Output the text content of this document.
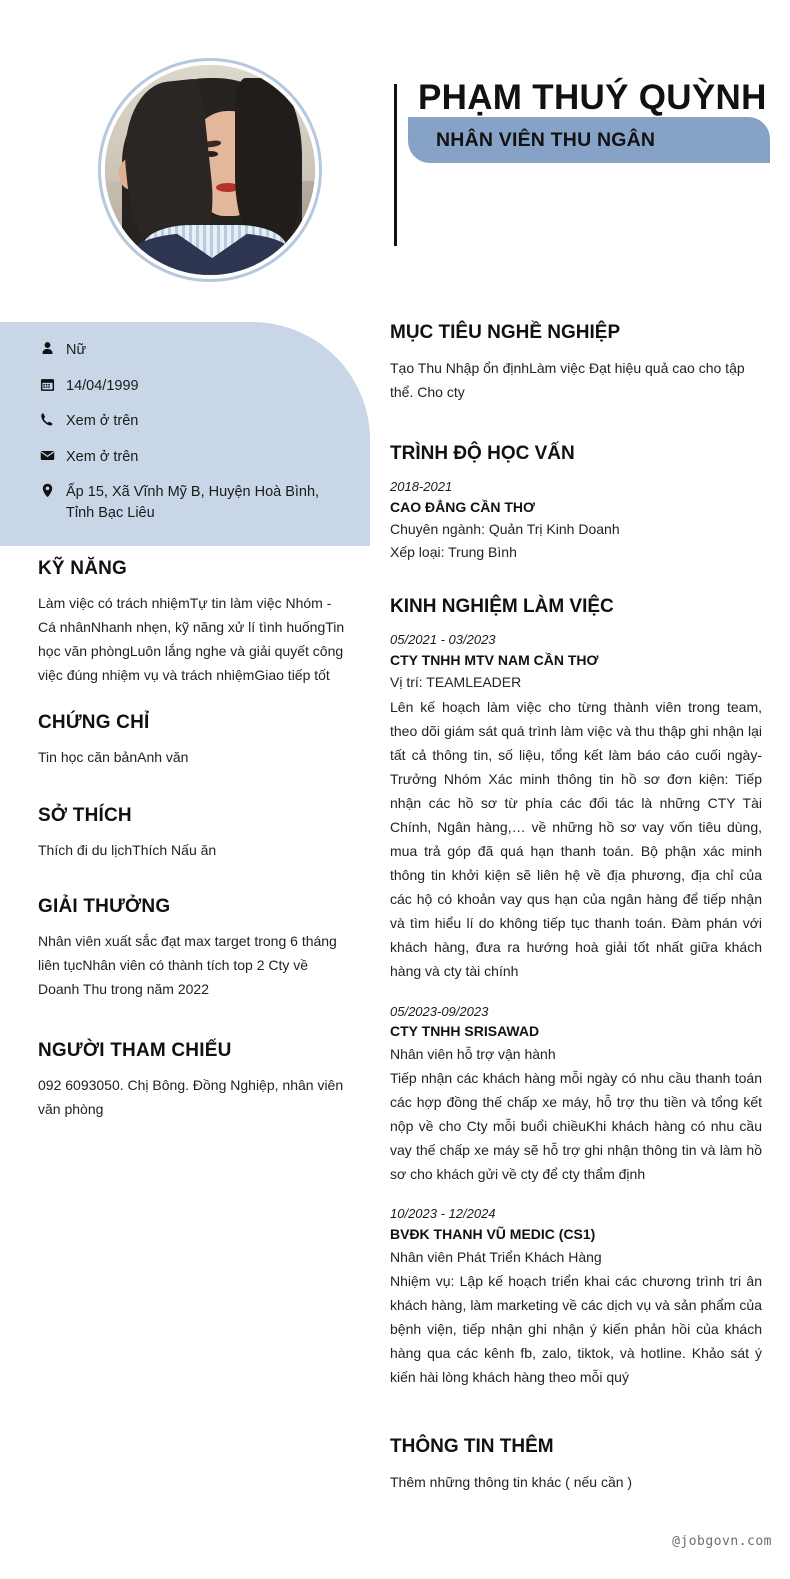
Nữ
14/04/1999
Xem ở trên
Xem ở trên
Ấp 15, Xã Vĩnh Mỹ B, Huyện Hoà Bình, Tỉnh Bạc Liêu
KỸ NĂNG
Làm việc có trách nhiệmTự tin làm việc Nhóm - Cá nhânNhanh nhẹn, kỹ năng xử lí tình huốngTin học văn phòngLuôn lắng nghe và giải quyết công việc đúng nhiệm vụ và trách nhiệmGiao tiếp tốt
CHỨNG CHỈ
Tin học căn bảnAnh văn
SỞ THÍCH
Thích đi du lịchThích Nấu ăn
GIẢI THƯỞNG
Nhân viên xuất sắc đạt max target trong 6 tháng liên tụcNhân viên có thành tích top 2 Cty về Doanh Thu trong năm 2022
NGƯỜI THAM CHIẾU
092 6093050. Chị Bông. Đồng Nghiệp, nhân viên văn phòng
PHẠM THUÝ QUỲNH
NHÂN VIÊN THU NGÂN
MỤC TIÊU NGHỀ NGHIỆP
Tạo Thu Nhập ổn địnhLàm việc Đạt hiệu quả cao cho tập thể. Cho cty
TRÌNH ĐỘ HỌC VẤN
2018-2021
CAO ĐẲNG CẦN THƠ
Chuyên ngành: Quản Trị Kinh Doanh
Xếp loại: Trung Bình
KINH NGHIỆM LÀM VIỆC
05/2021 - 03/2023
CTY TNHH MTV NAM CẦN THƠ
Vị trí: TEAMLEADER
Lên kế hoạch làm việc cho từng thành viên trong team, theo dõi giám sát quá trình làm việc và thu thập ghi nhận lại tất cả thông tin, số liệu, tổng kết làm báo cáo cuối ngày- Trưởng Nhóm Xác minh thông tin hồ sơ đơn kiện: Tiếp nhận các hồ sơ từ phía các đối tác là những CTY Tài Chính, Ngân hàng,… về những hồ sơ vay vốn tiêu dùng, mua trả góp đã quá hạn thanh toán. Bộ phận xác minh thông tin khởi kiện sẽ liên hệ về địa phương, địa chỉ của các hộ có khoản vay qus hạn của ngân hàng để tiếp nhận và tìm hiểu lí do không tiếp tục thanh toán. Đàm phán với khách hàng, đưa ra hướng hoà giải tốt nhất giữa khách hàng và cty tài chính
05/2023-09/2023
CTY TNHH SRISAWAD
Nhân viên hỗ trợ vận hành
Tiếp nhận các khách hàng mỗi ngày có nhu cầu thanh toán các hợp đồng thế chấp xe máy, hỗ trợ thu tiền và tổng kết nộp về cho Cty mỗi buổi chiềuKhi khách hàng có nhu cầu vay thế chấp xe máy sẽ hỗ trợ ghi nhận thông tin và làm hồ sơ cho khách gửi về cty để cty thẩm định
10/2023 - 12/2024
BVĐK THANH VŨ MEDIC (CS1)
Nhân viên Phát Triển Khách Hàng
Nhiệm vụ: Lập kế hoạch triển khai các chương trình tri ân khách hàng, làm marketing về các dịch vụ và sản phẩm của bệnh viện, tiếp nhận ghi nhận ý kiến phản hồi của khách hàng qua các kênh fb, zalo, tiktok, và hotline. Khảo sát ý kiến hài lòng khách hàng theo mỗi quý
THÔNG TIN THÊM
Thêm những thông tin khác ( nếu cần )
@jobgovn.com
